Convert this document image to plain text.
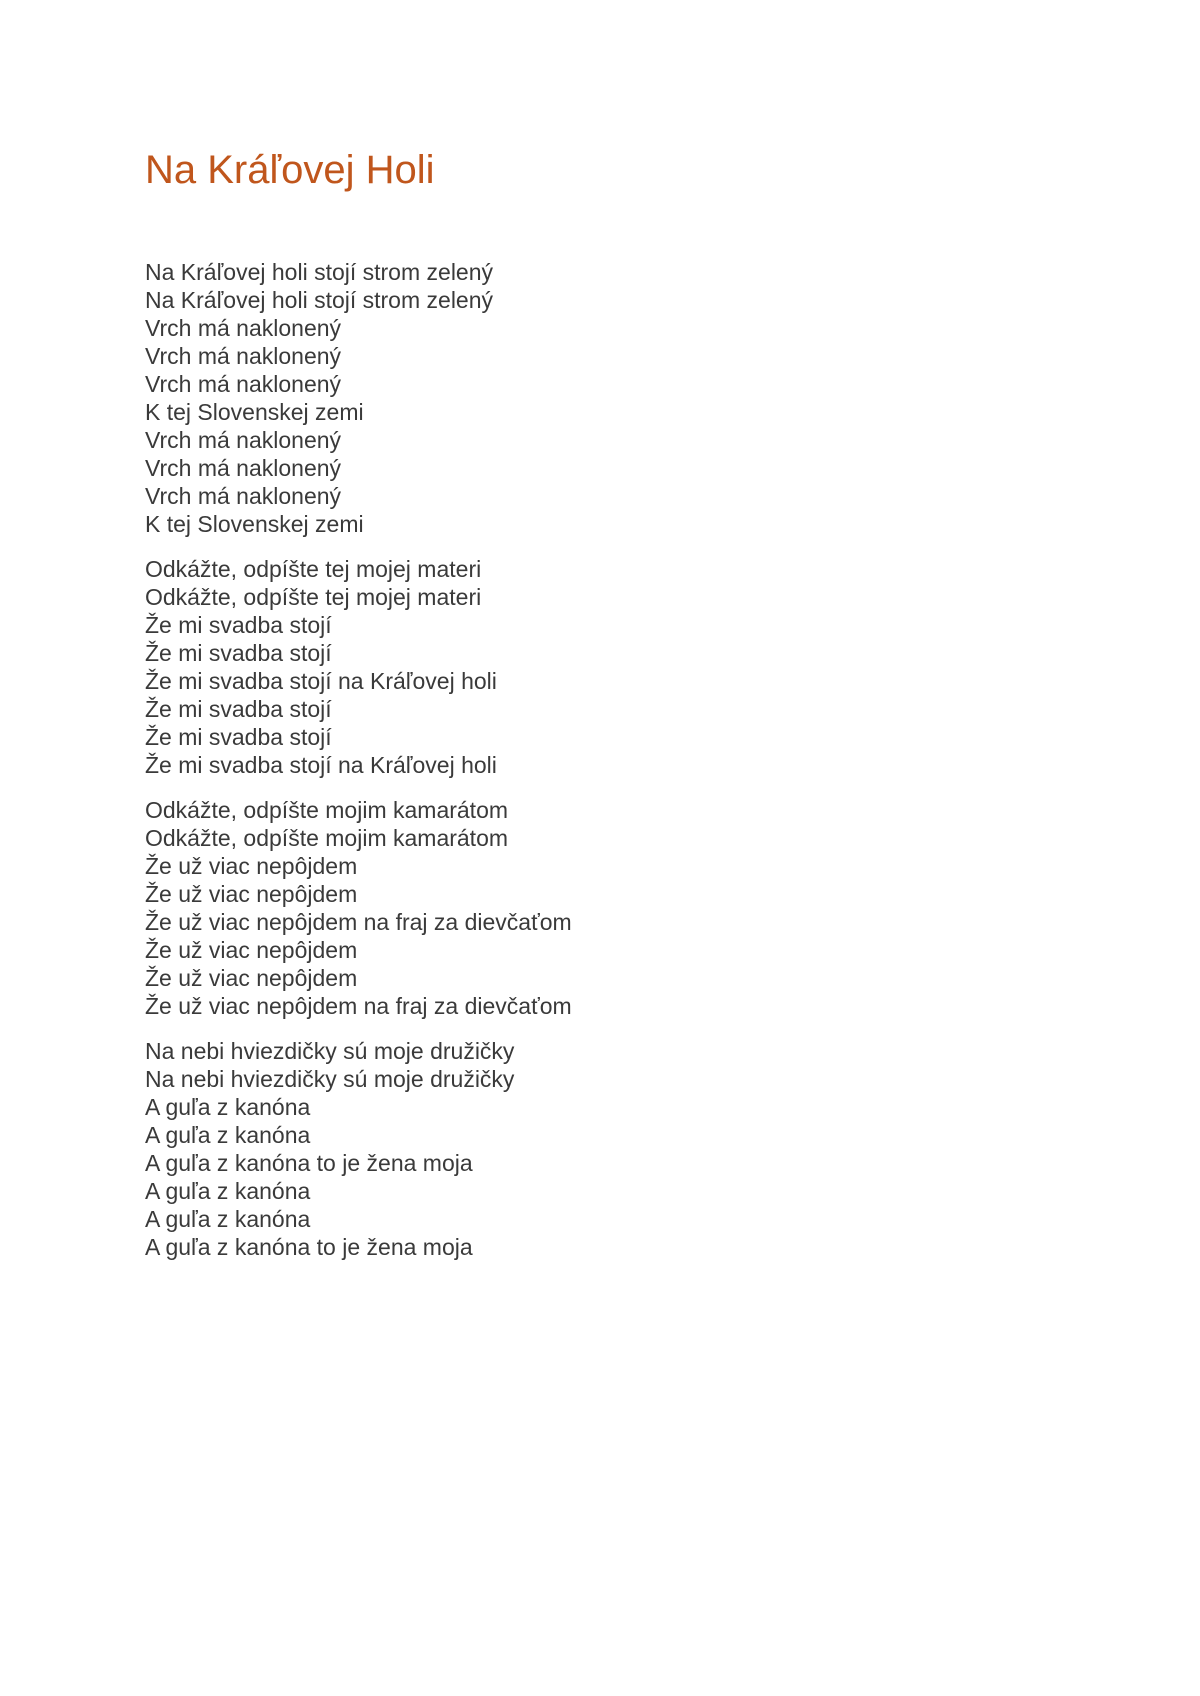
Na Kráľovej Holi
Na Kráľovej holi stojí strom zelený
Na Kráľovej holi stojí strom zelený
Vrch má naklonený
Vrch má naklonený
Vrch má naklonený
K tej Slovenskej zemi
Vrch má naklonený
Vrch má naklonený
Vrch má naklonený
K tej Slovenskej zemi
Odkážte, odpíšte tej mojej materi
Odkážte, odpíšte tej mojej materi
Že mi svadba stojí
Že mi svadba stojí
Že mi svadba stojí na Kráľovej holi
Že mi svadba stojí
Že mi svadba stojí
Že mi svadba stojí na Kráľovej holi
Odkážte, odpíšte mojim kamarátom
Odkážte, odpíšte mojim kamarátom
Že už viac nepôjdem
Že už viac nepôjdem
Že už viac nepôjdem na fraj za dievčaťom
Že už viac nepôjdem
Že už viac nepôjdem
Že už viac nepôjdem na fraj za dievčaťom
Na nebi hviezdičky sú moje družičky
Na nebi hviezdičky sú moje družičky
A guľa z kanóna
A guľa z kanóna
A guľa z kanóna to je žena moja
A guľa z kanóna
A guľa z kanóna
A guľa z kanóna to je žena moja
